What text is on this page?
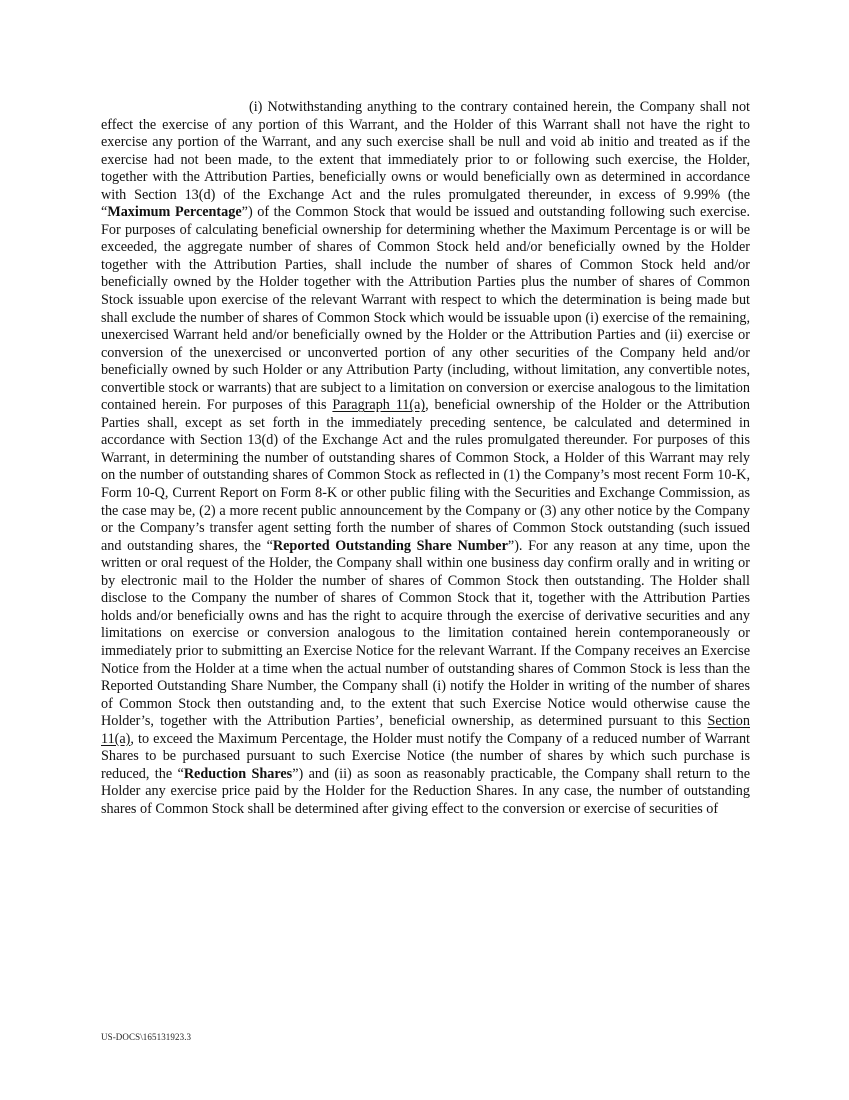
(i) Notwithstanding anything to the contrary contained herein, the Company shall not effect the exercise of any portion of this Warrant, and the Holder of this Warrant shall not have the right to exercise any portion of the Warrant, and any such exercise shall be null and void ab initio and treated as if the exercise had not been made, to the extent that immediately prior to or following such exercise, the Holder, together with the Attribution Parties, beneficially owns or would beneficially own as determined in accordance with Section 13(d) of the Exchange Act and the rules promulgated thereunder, in excess of 9.99% (the “Maximum Percentage”) of the Common Stock that would be issued and outstanding following such exercise. For purposes of calculating beneficial ownership for determining whether the Maximum Percentage is or will be exceeded, the aggregate number of shares of Common Stock held and/or beneficially owned by the Holder together with the Attribution Parties, shall include the number of shares of Common Stock held and/or beneficially owned by the Holder together with the Attribution Parties plus the number of shares of Common Stock issuable upon exercise of the relevant Warrant with respect to which the determination is being made but shall exclude the number of shares of Common Stock which would be issuable upon (i) exercise of the remaining, unexercised Warrant held and/or beneficially owned by the Holder or the Attribution Parties and (ii) exercise or conversion of the unexercised or unconverted portion of any other securities of the Company held and/or beneficially owned by such Holder or any Attribution Party (including, without limitation, any convertible notes, convertible stock or warrants) that are subject to a limitation on conversion or exercise analogous to the limitation contained herein. For purposes of this Paragraph 11(a), beneficial ownership of the Holder or the Attribution Parties shall, except as set forth in the immediately preceding sentence, be calculated and determined in accordance with Section 13(d) of the Exchange Act and the rules promulgated thereunder. For purposes of this Warrant, in determining the number of outstanding shares of Common Stock, a Holder of this Warrant may rely on the number of outstanding shares of Common Stock as reflected in (1) the Company’s most recent Form 10-K, Form 10-Q, Current Report on Form 8-K or other public filing with the Securities and Exchange Commission, as the case may be, (2) a more recent public announcement by the Company or (3) any other notice by the Company or the Company’s transfer agent setting forth the number of shares of Common Stock outstanding (such issued and outstanding shares, the “Reported Outstanding Share Number”). For any reason at any time, upon the written or oral request of the Holder, the Company shall within one business day confirm orally and in writing or by electronic mail to the Holder the number of shares of Common Stock then outstanding. The Holder shall disclose to the Company the number of shares of Common Stock that it, together with the Attribution Parties holds and/or beneficially owns and has the right to acquire through the exercise of derivative securities and any limitations on exercise or conversion analogous to the limitation contained herein contemporaneously or immediately prior to submitting an Exercise Notice for the relevant Warrant. If the Company receives an Exercise Notice from the Holder at a time when the actual number of outstanding shares of Common Stock is less than the Reported Outstanding Share Number, the Company shall (i) notify the Holder in writing of the number of shares of Common Stock then outstanding and, to the extent that such Exercise Notice would otherwise cause the Holder’s, together with the Attribution Parties’, beneficial ownership, as determined pursuant to this Section 11(a), to exceed the Maximum Percentage, the Holder must notify the Company of a reduced number of Warrant Shares to be purchased pursuant to such Exercise Notice (the number of shares by which such purchase is reduced, the “Reduction Shares”) and (ii) as soon as reasonably practicable, the Company shall return to the Holder any exercise price paid by the Holder for the Reduction Shares. In any case, the number of outstanding shares of Common Stock shall be determined after giving effect to the conversion or exercise of securities of

US-DOCS\165131923.3
